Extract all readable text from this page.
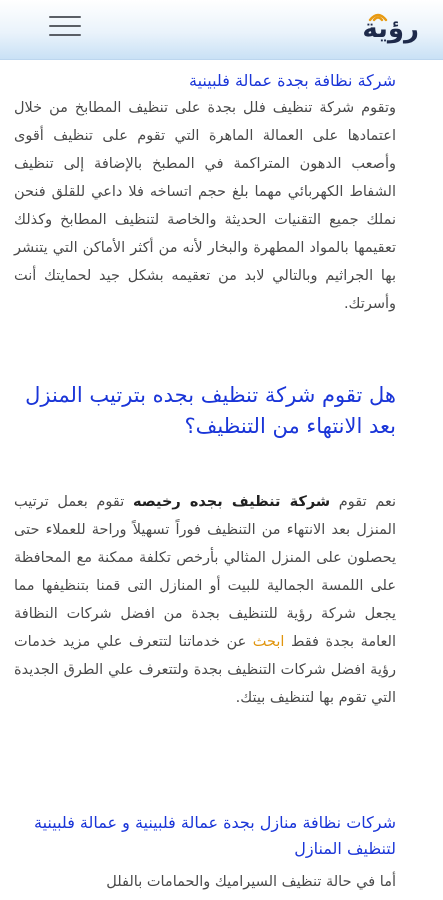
رؤية
شركة نظافة بجدة عمالة فلبينية

وتقوم شركة تنظيف فلل بجدة على تنظيف المطابخ من خلال اعتمادها على العمالة الماهرة التي تقوم على تنظيف أقوى وأصعب الدهون المتراكمة في المطبخ بالإضافة إلى تنظيف الشفاط الكهربائي مهما بلغ حجم اتساخه فلا داعي للقلق فنحن نملك جميع التقنيات الحديثة والخاصة لتنظيف المطابخ وكذلك تعقيمها بالمواد المطهرة والبخار لأنه من أكثر الأماكن التي يتنشر بها الجراثيم وبالتالي لابد من تعقيمه بشكل جيد لحمايتك أنت وأسرتك.

هل تقوم شركة تنظيف بجده بترتيب المنزل بعد الانتهاء من التنظيف؟

نعم تقوم شركة تنظيف بجده رخيصه تقوم بعمل ترتيب المنزل بعد الانتهاء من التنظيف فوراً تسهيلاً وراحة للعملاء حتى يحصلون على المنزل المثالي بأرخص تكلفة ممكنة مع المحافظة على اللمسة الجمالية للبيت أو المنازل التى قمنا بتنظيفها مما يجعل شركة رؤية للتنظيف بجدة من افضل شركات النظافة العامة بجدة فقط ابحث عن خدماتنا لتتعرف علي مزيد خدمات رؤية افضل شركات التنظيف بجدة ولتتعرف علي الطرق الجديدة التي تقوم بها لتنظيف بيتك.

شركات نظافة منازل بجدة عمالة فلبينية و عمالة فلبينية لتنظيف المنازل

أما في حالة تنظيف السيراميك والحمامات بالفلل
